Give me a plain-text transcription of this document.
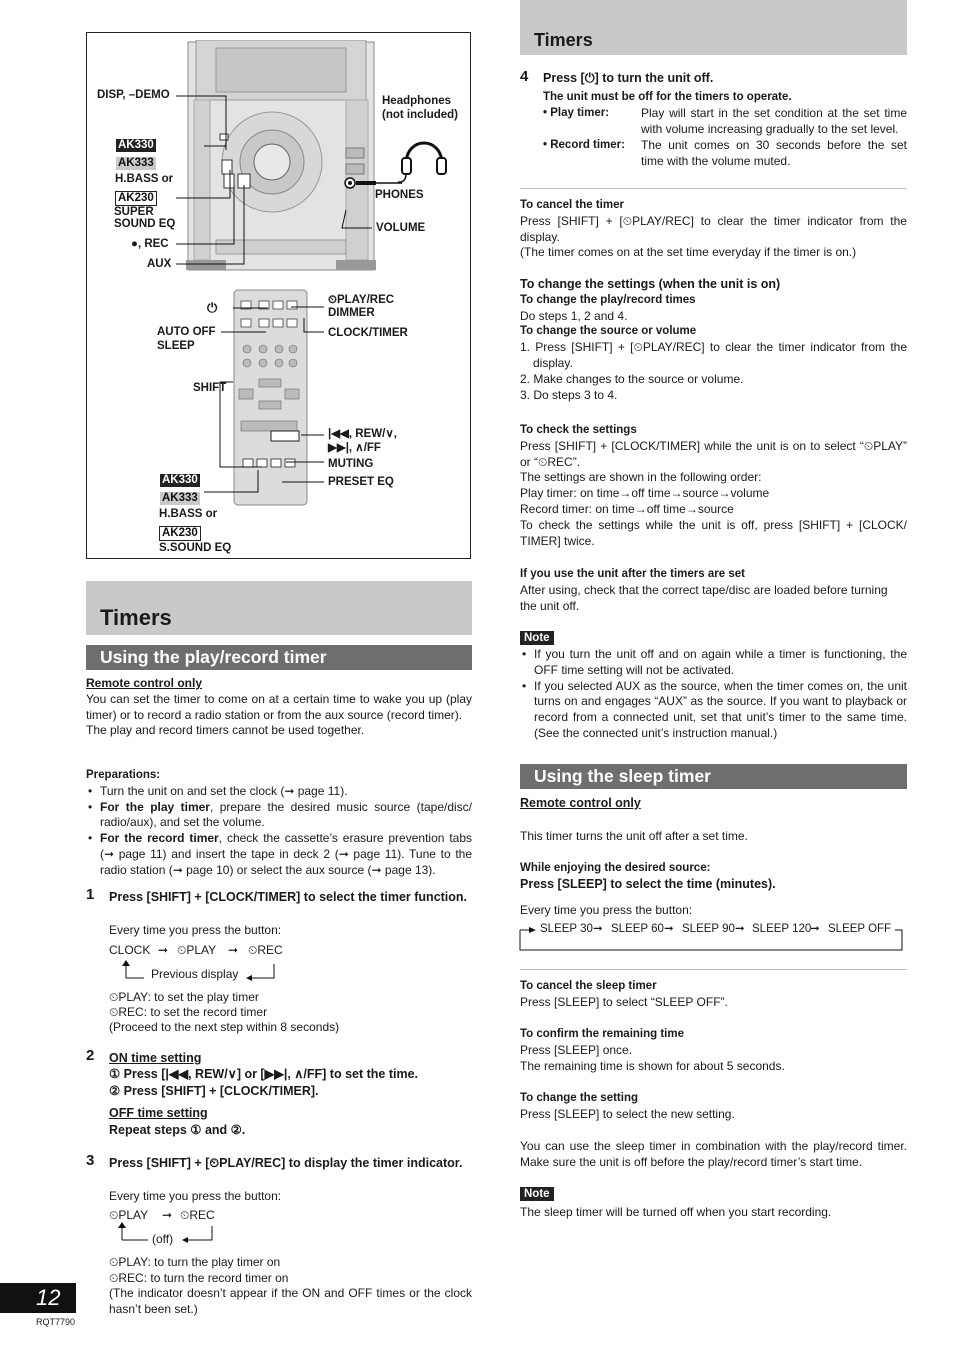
DISP, –DEMO	Headphones
(not included)
AK330
AK333
H.BASS or
AK230
SUPER
SOUND EQ
●, REC
AUX
PHONES
VOLUME
⏻	⏲PLAY/REC
DIMMER
CLOCK/TIMER
AUTO OFF
SLEEP
SHIFT
|◀◀, REW/∨,
▶▶|, ∧/FF
MUTING
PRESET EQ
AK330
AK333
H.BASS or
AK230
S.SOUND EQ
Timers
Using the play/record timer

Remote control only

You can set the timer to come on at a certain time to wake you up (play timer) or to record a radio station or from the aux source (record timer).

The play and record timers cannot be used together.

Preparations:

• Turn the unit on and set the clock (➞ page 11).
• For the play timer, prepare the desired music source (tape/disc/ radio/aux), and set the volume.
• For the record timer, check the cassette’s erasure prevention tabs (➞ page 11) and insert the tape in deck 2 (➞ page 11). Tune to the radio station (➞ page 10) or select the aux source (➞ page 13).
1 Press [SHIFT] + [CLOCK/TIMER] to select the timer function.
Every time you press the button:
CLOCK ➞ ⏲PLAY ➞ ⏲REC
Previous display
⏲PLAY: to set the play timer
⏲REC: to set the record timer
(Proceed to the next step within 8 seconds)
2 ON time setting
① Press [|◀◀, REW/∨] or [▶▶|, ∧/FF] to set the time.
② Press [SHIFT] + [CLOCK/TIMER].
OFF time setting
Repeat steps ① and ②.
3 Press [SHIFT] + [⏲PLAY/REC] to display the timer indicator.
Every time you press the button:
⏲PLAY ➞ ⏲REC
(off)
⏲PLAY: to turn the play timer on
⏲REC: to turn the record timer on
(The indicator doesn’t appear if the ON and OFF times or the clock hasn’t been set.)
12
RQT7790
Timers
4 Press [⏻] to turn the unit off.
The unit must be off for the timers to operate.
• Play timer:	Play will start in the set condition at the set time with volume increasing gradually to the set level.
• Record timer: The unit comes on 30 seconds before the set time with the volume muted.

To cancel the timer

Press [SHIFT] + [⏲PLAY/REC] to clear the timer indicator from the display.

(The timer comes on at the set time everyday if the timer is on.)

To change the settings (when the unit is on)

To change the play/record times

Do steps 1, 2 and 4.

To change the source or volume

1. Press [SHIFT] + [⏲PLAY/REC] to clear the timer indicator from the display.

2. Make changes to the source or volume.

3. Do steps 3 to 4.

To check the settings

Press [SHIFT] + [CLOCK/TIMER] while the unit is on to select “⏲PLAY” or “⏲REC”.

The settings are shown in the following order:

Play timer: on time→off time→source→volume

Record timer: on time→off time→source

To check the settings while the unit is off, press [SHIFT] + [CLOCK/ TIMER] twice.

If you use the unit after the timers are set

After using, check that the correct tape/disc are loaded before turning the unit off.

Note
• If you turn the unit off and on again while a timer is functioning, the OFF time setting will not be activated.
• If you selected AUX as the source, when the timer comes on, the unit turns on and engages “AUX” as the source. If you want to playback or record from a connected unit, set that unit’s timer to the same time. (See the connected unit’s instruction manual.)
Using the sleep timer
Remote control only
This timer turns the unit off after a set time.
While enjoying the desired source:
Press [SLEEP] to select the time (minutes).
Every time you press the button:
SLEEP 30 ➞ SLEEP 60 ➞ SLEEP 90 ➞ SLEEP 120
➞ SLEEP OFF

To cancel the sleep timer

Press [SLEEP] to select “SLEEP OFF”.

To confirm the remaining time

Press [SLEEP] once.

The remaining time is shown for about 5 seconds.

To change the setting

Press [SLEEP] to select the new setting.

You can use the sleep timer in combination with the play/record timer. Make sure the unit is off before the play/record timer’s start time.
Note
The sleep timer will be turned off when you start recording.
